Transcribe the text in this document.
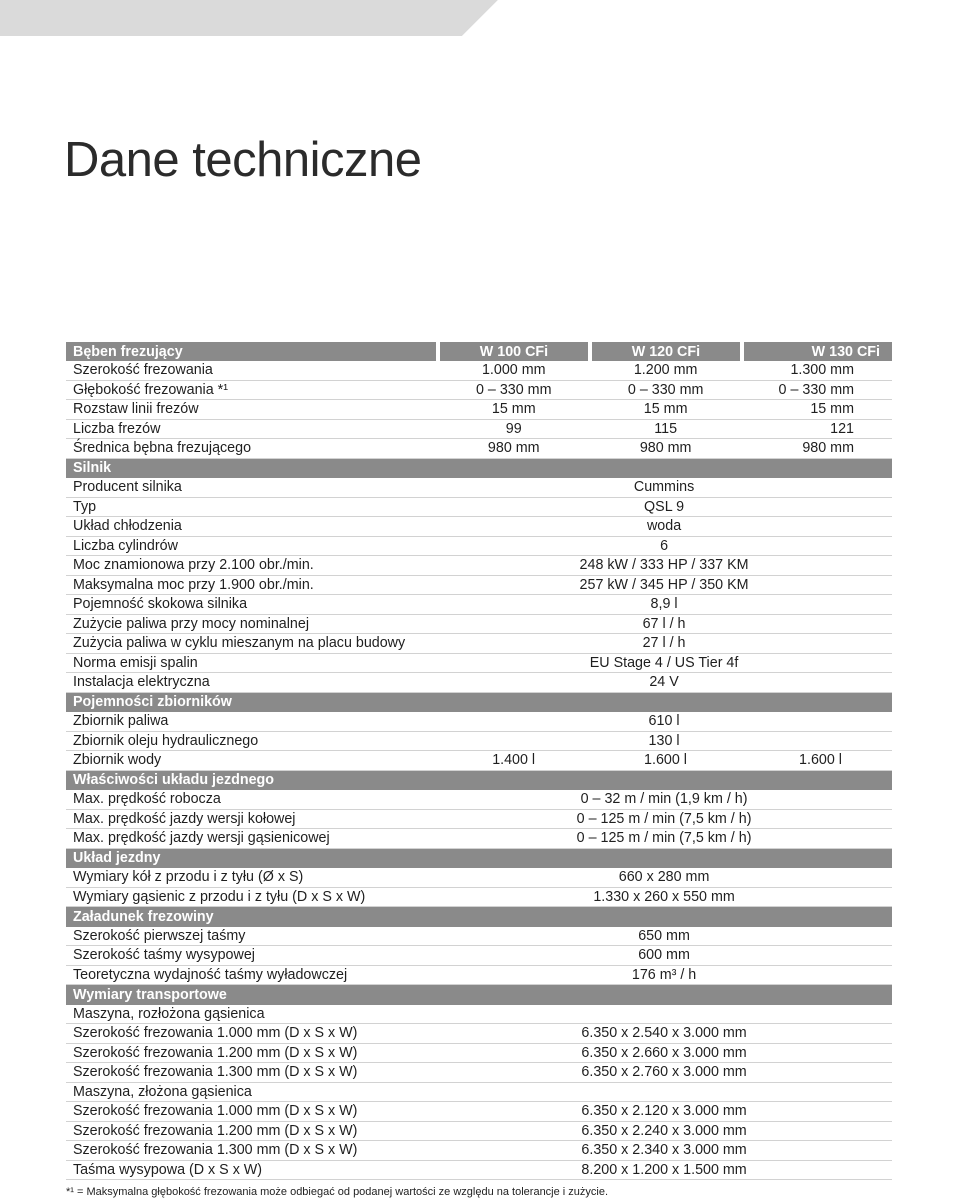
Dane techniczne
Bęben frezujący	W 100 CFi	W 120 CFi	W 130 CFi
Szerokość frezowania	1.000 mm	1.200 mm	1.300 mm
Głębokość frezowania *¹	0 – 330 mm	0 – 330 mm	0 – 330 mm
Rozstaw linii frezów	15 mm	15 mm	15 mm
Liczba frezów	99	115	121
Średnica bębna frezującego	980 mm	980 mm	980 mm
Silnik
Producent silnika	Cummins
Typ	QSL 9
Układ chłodzenia	woda
Liczba cylindrów	6
Moc znamionowa przy 2.100 obr./min.	248 kW / 333 HP / 337 KM
Maksymalna moc przy 1.900 obr./min.	257 kW / 345 HP / 350 KM
Pojemność skokowa silnika	8,9 l
Zużycie paliwa przy mocy nominalnej	67 l / h
Zużycia paliwa w cyklu mieszanym na placu budowy	27 l / h
Norma emisji spalin	EU Stage 4 / US Tier 4f
Instalacja elektryczna	24 V
Pojemności zbiorników
Zbiornik paliwa	610 l
Zbiornik oleju hydraulicznego	130 l
Zbiornik wody	1.400 l	1.600 l	1.600 l
Właściwości układu jezdnego
Max. prędkość robocza	0 – 32 m / min (1,9 km / h)
Max. prędkość jazdy wersji kołowej	0 – 125 m / min (7,5 km / h)
Max. prędkość jazdy wersji gąsienicowej	0 – 125 m / min (7,5 km / h)
Układ jezdny
Wymiary kół z przodu i z tyłu (Ø x S)	660 x 280 mm
Wymiary gąsienic z przodu i z tyłu (D x S x W)	1.330 x 260 x 550 mm
Załadunek frezowiny
Szerokość pierwszej taśmy	650 mm
Szerokość taśmy wysypowej	600 mm
Teoretyczna wydajność taśmy wyładowczej	176 m³ / h
Wymiary transportowe
Maszyna, rozłożona gąsienica
Szerokość frezowania 1.000 mm (D x S x W)	6.350 x 2.540 x 3.000 mm
Szerokość frezowania 1.200 mm (D x S x W)	6.350 x 2.660 x 3.000 mm
Szerokość frezowania 1.300 mm (D x S x W)	6.350 x 2.760 x 3.000 mm
Maszyna, złożona gąsienica
Szerokość frezowania 1.000 mm (D x S x W)	6.350 x 2.120 x 3.000 mm
Szerokość frezowania 1.200 mm (D x S x W)	6.350 x 2.240 x 3.000 mm
Szerokość frezowania 1.300 mm (D x S x W)	6.350 x 2.340 x 3.000 mm
Taśma wysypowa (D x S x W)	8.200 x 1.200 x 1.500 mm
*¹ = Maksymalna głębokość frezowania może odbiegać od podanej wartości ze względu na tolerancje i zużycie.
